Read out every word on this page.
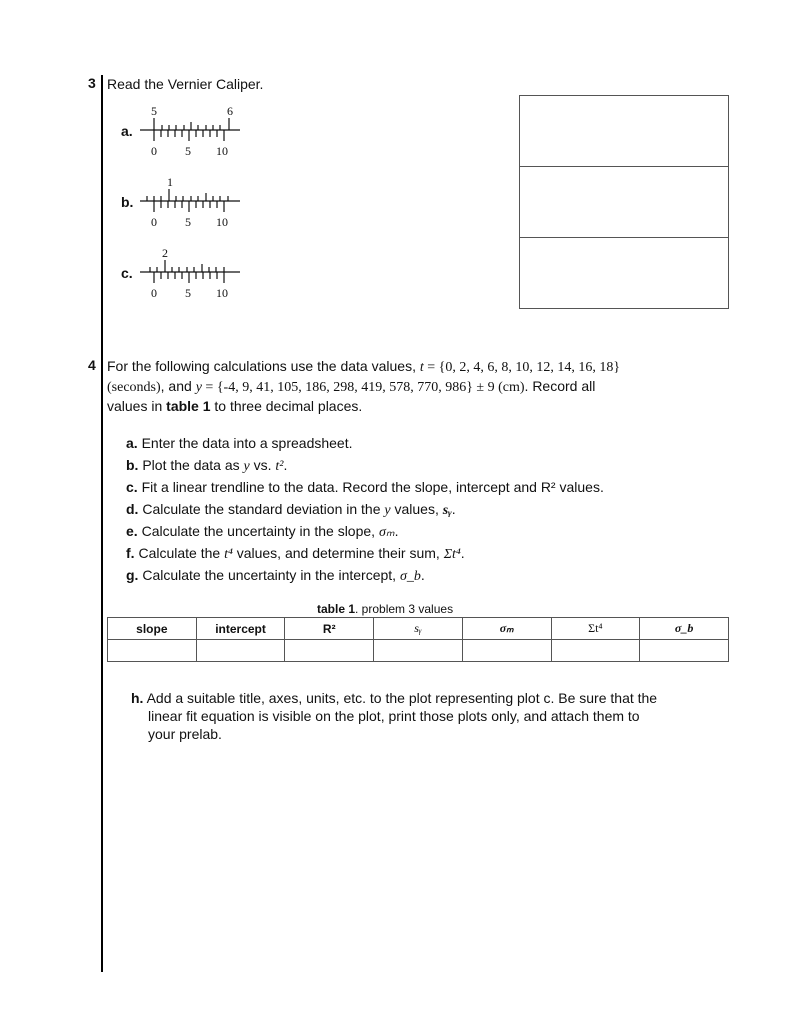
3 Read the Vernier Caliper.
a.
5	6
0 5 10
b.
1
0 5 10
c.
2
0 5 10
4 For the following calculations use the data values, t = {0, 2, 4, 6, 8, 10, 12, 14, 16, 18}
(seconds), and y = {-4, 9, 41, 105, 186, 298, 419, 578, 770, 986} ± 9 (cm). Record all
values in table 1 to three decimal places.
a. Enter the data into a spreadsheet.
b. Plot the data as y vs. t².
c. Fit a linear trendline to the data. Record the slope, intercept and R² values.
d. Calculate the standard deviation in the y values, sᵧ.
e. Calculate the uncertainty in the slope, σₘ.
f. Calculate the t⁴ values, and determine their sum, Σt⁴.
g. Calculate the uncertainty in the intercept, σ_b.
table 1. problem 3 values
slope	intercept	R²	sᵧ	σₘ	Σt⁴	σ_b

h. Add a suitable title, axes, units, etc. to the plot representing plot c. Be sure that the
linear fit equation is visible on the plot, print those plots only, and attach them to
your prelab.
